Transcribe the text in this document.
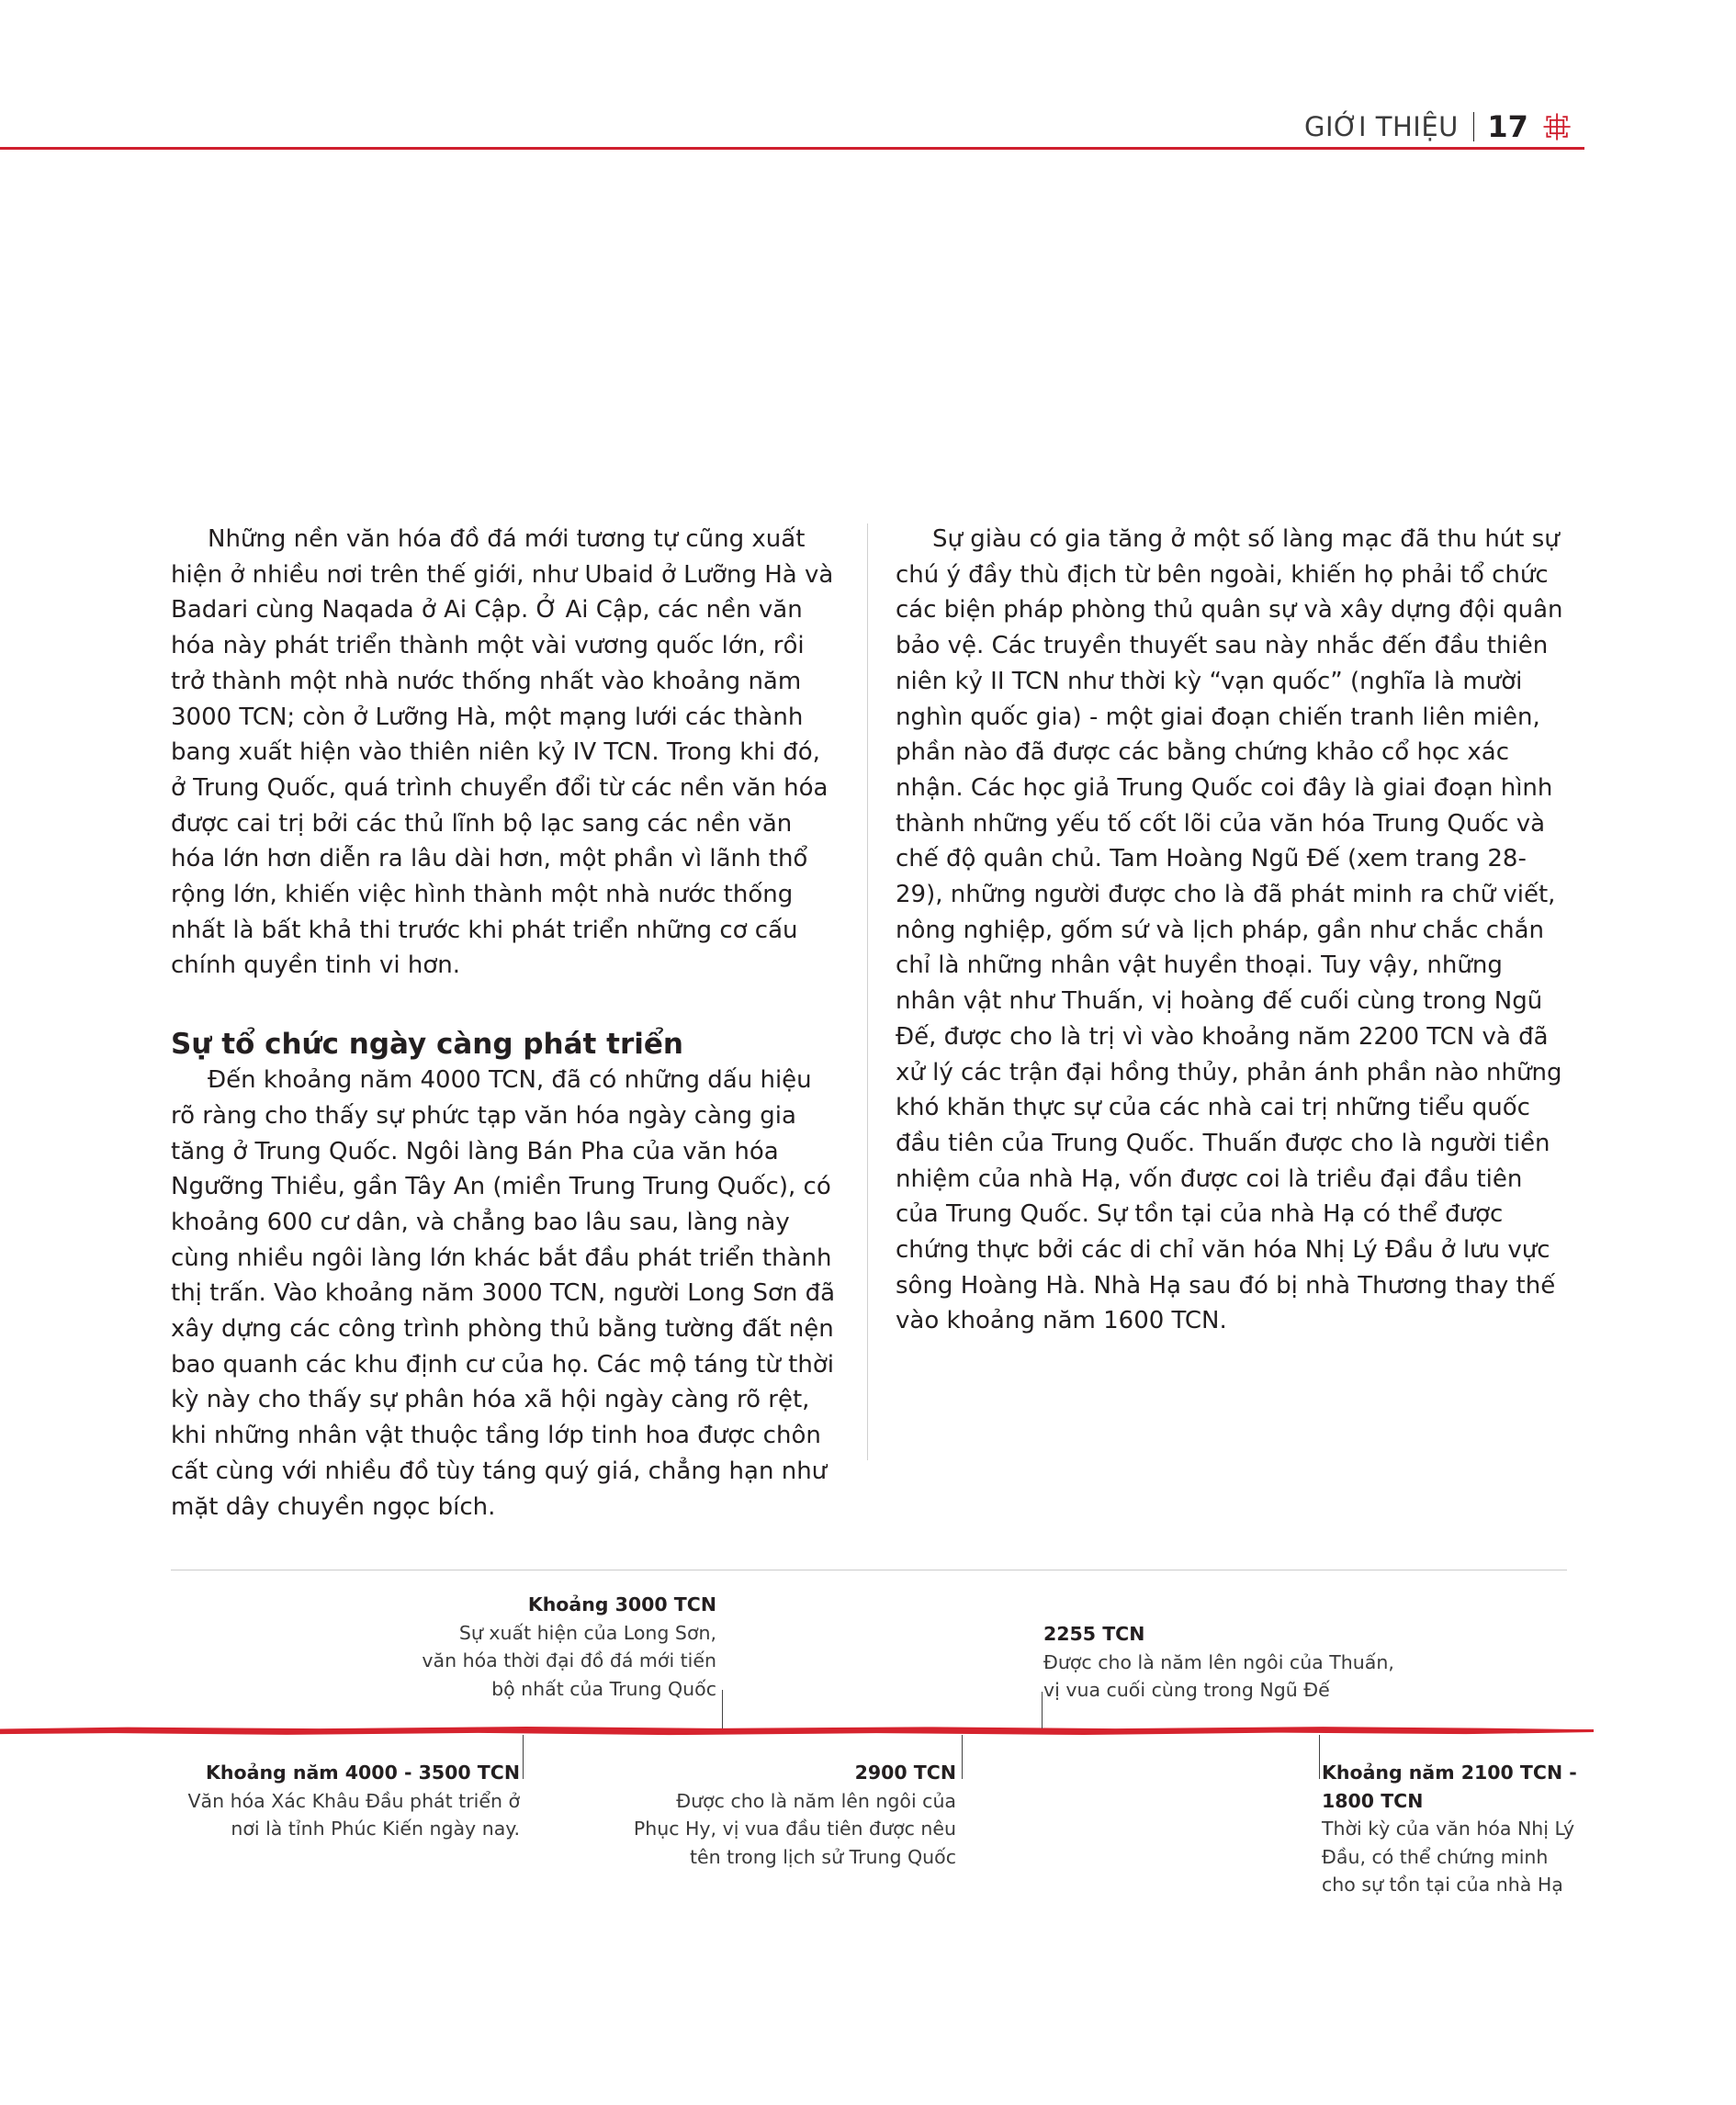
GIỚI THIỆU 17

Những nền văn hóa đồ đá mới tương tự cũng xuất hiện ở nhiều nơi trên thế giới, như Ubaid ở Lưỡng Hà và Badari cùng Naqada ở Ai Cập. Ở Ai Cập, các nền văn hóa này phát triển thành một vài vương quốc lớn, rồi trở thành một nhà nước thống nhất vào khoảng năm 3000 TCN; còn ở Lưỡng Hà, một mạng lưới các thành bang xuất hiện vào thiên niên kỷ IV TCN. Trong khi đó, ở Trung Quốc, quá trình chuyển đổi từ các nền văn hóa được cai trị bởi các thủ lĩnh bộ lạc sang các nền văn hóa lớn hơn diễn ra lâu dài hơn, một phần vì lãnh thổ rộng lớn, khiến việc hình thành một nhà nước thống nhất là bất khả thi trước khi phát triển những cơ cấu chính quyền tinh vi hơn.

Sự tổ chức ngày càng phát triển

Đến khoảng năm 4000 TCN, đã có những dấu hiệu rõ ràng cho thấy sự phức tạp văn hóa ngày càng gia tăng ở Trung Quốc. Ngôi làng Bán Pha của văn hóa Ngưỡng Thiều, gần Tây An (miền Trung Trung Quốc), có khoảng 600 cư dân, và chẳng bao lâu sau, làng này cùng nhiều ngôi làng lớn khác bắt đầu phát triển thành thị trấn. Vào khoảng năm 3000 TCN, người Long Sơn đã xây dựng các công trình phòng thủ bằng tường đất nện bao quanh các khu định cư của họ. Các mộ táng từ thời kỳ này cho thấy sự phân hóa xã hội ngày càng rõ rệt, khi những nhân vật thuộc tầng lớp tinh hoa được chôn cất cùng với nhiều đồ tùy táng quý giá, chẳng hạn như mặt dây chuyền ngọc bích.

Sự giàu có gia tăng ở một số làng mạc đã thu hút sự chú ý đầy thù địch từ bên ngoài, khiến họ phải tổ chức các biện pháp phòng thủ quân sự và xây dựng đội quân bảo vệ. Các truyền thuyết sau này nhắc đến đầu thiên niên kỷ II TCN như thời kỳ “vạn quốc” (nghĩa là mười nghìn quốc gia) - một giai đoạn chiến tranh liên miên, phần nào đã được các bằng chứng khảo cổ học xác nhận. Các học giả Trung Quốc coi đây là giai đoạn hình thành những yếu tố cốt lõi của văn hóa Trung Quốc và chế độ quân chủ. Tam Hoàng Ngũ Đế (xem trang 28-29), những người được cho là đã phát minh ra chữ viết, nông nghiệp, gốm sứ và lịch pháp, gần như chắc chắn chỉ là những nhân vật huyền thoại. Tuy vậy, những nhân vật như Thuấn, vị hoàng đế cuối cùng trong Ngũ Đế, được cho là trị vì vào khoảng năm 2200 TCN và đã xử lý các trận đại hồng thủy, phản ánh phần nào những khó khăn thực sự của các nhà cai trị những tiểu quốc đầu tiên của Trung Quốc. Thuấn được cho là người tiền nhiệm của nhà Hạ, vốn được coi là triều đại đầu tiên của Trung Quốc. Sự tồn tại của nhà Hạ có thể được chứng thực bởi các di chỉ văn hóa Nhị Lý Đầu ở lưu vực sông Hoàng Hà. Nhà Hạ sau đó bị nhà Thương thay thế vào khoảng năm 1600 TCN.

Khoảng 3000 TCN
Sự xuất hiện của Long Sơn,
văn hóa thời đại đồ đá mới tiến
bộ nhất của Trung Quốc
2255 TCN
Được cho là năm lên ngôi của Thuấn,
vị vua cuối cùng trong Ngũ Đế
Khoảng năm 4000 - 3500 TCN
Văn hóa Xác Khâu Đầu phát triển ở
nơi là tỉnh Phúc Kiến ngày nay.
2900 TCN
Được cho là năm lên ngôi của
Phục Hy, vị vua đầu tiên được nêu
tên trong lịch sử Trung Quốc
Khoảng năm 2100 TCN -
1800 TCN
Thời kỳ của văn hóa Nhị Lý
Đầu, có thể chứng minh
cho sự tồn tại của nhà Hạ
